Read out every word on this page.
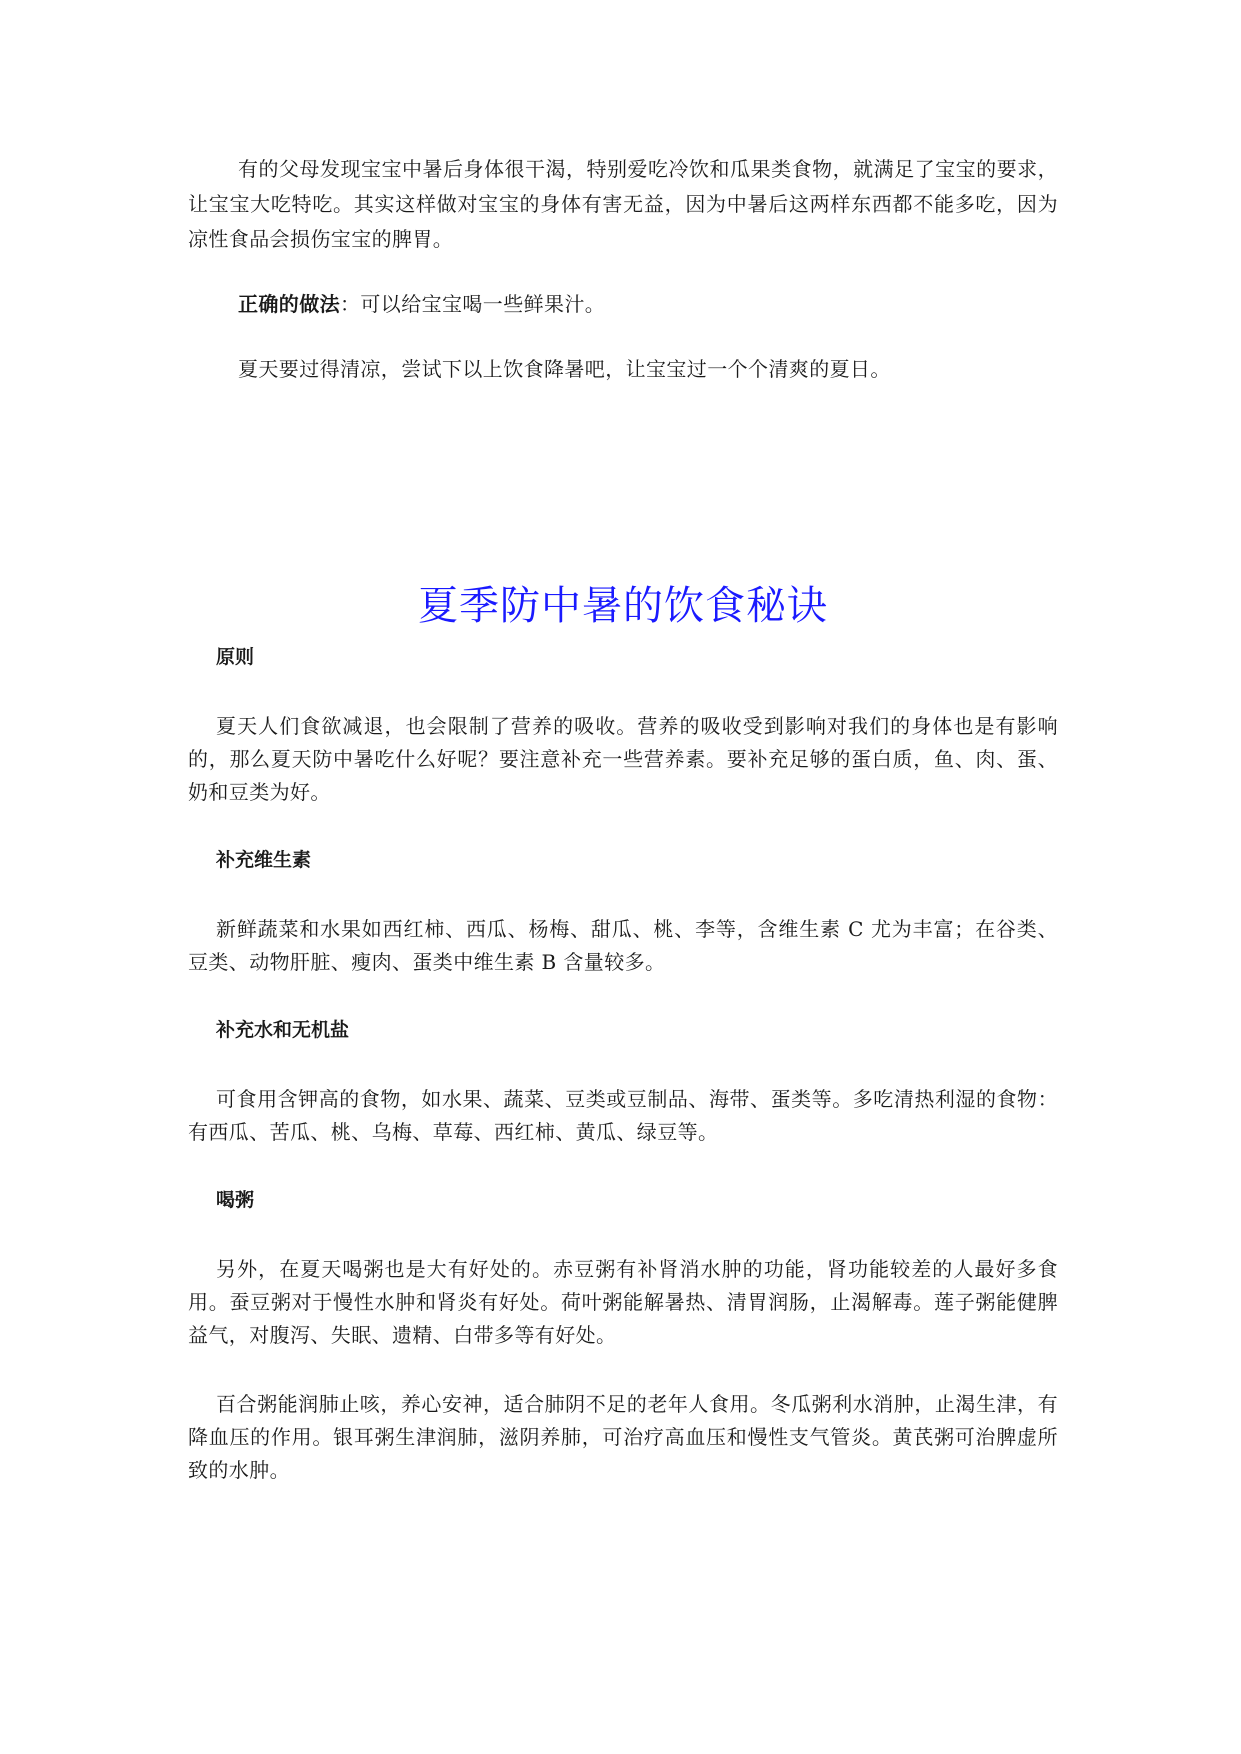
有的父母发现宝宝中暑后身体很干渴，特别爱吃冷饮和瓜果类食物，就满足了宝宝的要求，让宝宝大吃特吃。其实这样做对宝宝的身体有害无益，因为中暑后这两样东西都不能多吃，因为凉性食品会损伤宝宝的脾胃。

正确的做法：可以给宝宝喝一些鲜果汁。

夏天要过得清凉，尝试下以上饮食降暑吧，让宝宝过一个个清爽的夏日。

夏季防中暑的饮食秘诀
原则

夏天人们食欲减退，也会限制了营养的吸收。营养的吸收受到影响对我们的身体也是有影响的，那么夏天防中暑吃什么好呢？要注意补充一些营养素。要补充足够的蛋白质，鱼、肉、蛋、奶和豆类为好。

补充维生素

新鲜蔬菜和水果如西红柿、西瓜、杨梅、甜瓜、桃、李等，含维生素 C 尤为丰富；在谷类、豆类、动物肝脏、瘦肉、蛋类中维生素 B 含量较多。

补充水和无机盐

可食用含钾高的食物，如水果、蔬菜、豆类或豆制品、海带、蛋类等。多吃清热利湿的食物：有西瓜、苦瓜、桃、乌梅、草莓、西红柿、黄瓜、绿豆等。

喝粥

另外，在夏天喝粥也是大有好处的。赤豆粥有补肾消水肿的功能，肾功能较差的人最好多食用。蚕豆粥对于慢性水肿和肾炎有好处。荷叶粥能解暑热、清胃润肠，止渴解毒。莲子粥能健脾益气，对腹泻、失眠、遗精、白带多等有好处。

百合粥能润肺止咳，养心安神，适合肺阴不足的老年人食用。冬瓜粥利水消肿，止渴生津，有降血压的作用。银耳粥生津润肺，滋阴养肺，可治疗高血压和慢性支气管炎。黄芪粥可治脾虚所致的水肿。
